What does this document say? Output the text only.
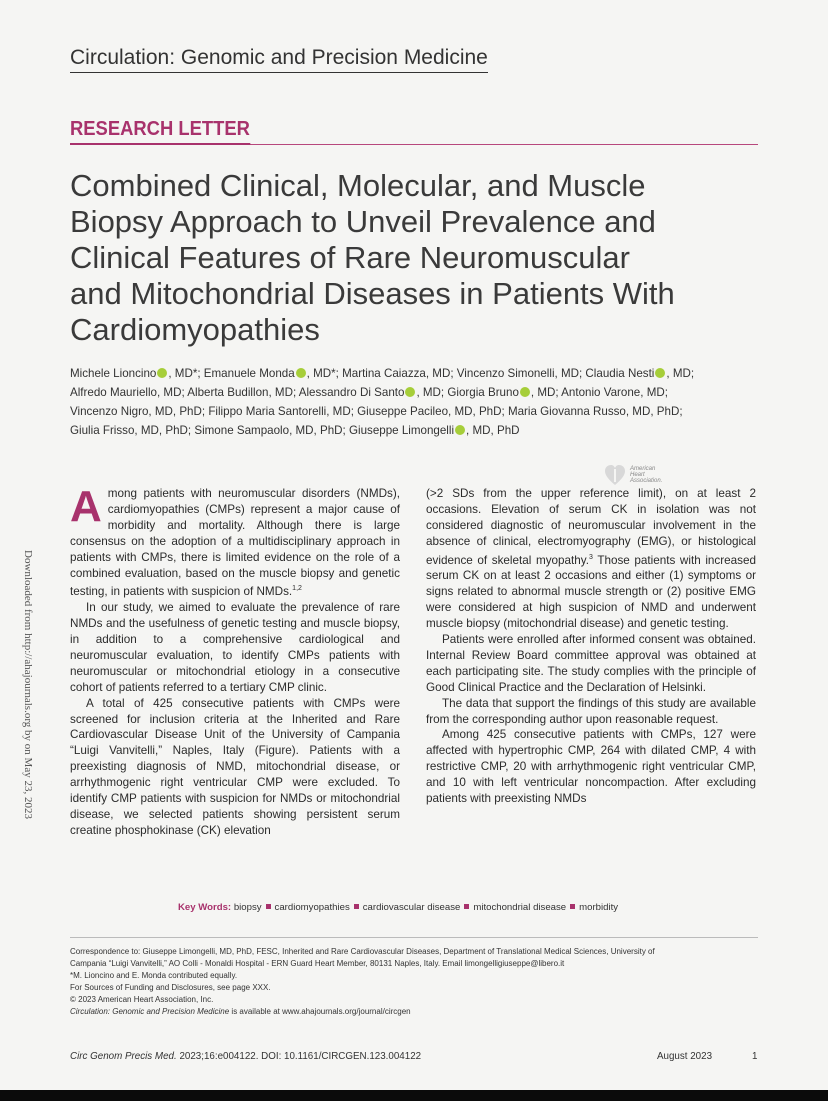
Circulation: Genomic and Precision Medicine
RESEARCH LETTER
Combined Clinical, Molecular, and Muscle
Biopsy Approach to Unveil Prevalence and
Clinical Features of Rare Neuromuscular
and Mitochondrial Diseases in Patients With
Cardiomyopathies
Michele Lioncino , MD*; Emanuele Monda , MD*; Martina Caiazza, MD; Vincenzo Simonelli, MD; Claudia Nesti , MD;
Alfredo Mauriello, MD; Alberta Budillon, MD; Alessandro Di Santo , MD; Giorgia Bruno , MD; Antonio Varone, MD;
Vincenzo Nigro, MD, PhD; Filippo Maria Santorelli, MD; Giuseppe Pacileo, MD, PhD; Maria Giovanna Russo, MD, PhD;
Giulia Frisso, MD, PhD; Simone Sampaolo, MD, PhD; Giuseppe Limongelli , MD, PhD
Downloaded from http://ahajournals.org by on May 23, 2023
American
Heart
Association.

Among patients with neuromuscular disorders (NMDs), cardiomyopathies (CMPs) represent a major cause of morbidity and mortality. Although there is large consensus on the adoption of a multidisciplinary approach in patients with CMPs, there is limited evidence on the role of a combined evaluation, based on the muscle biopsy and genetic testing, in patients with suspicion of NMDs.$^{1,2}$

In our study, we aimed to evaluate the prevalence of rare NMDs and the usefulness of genetic testing and muscle biopsy, in addition to a comprehensive cardiological and neuromuscular evaluation, to identify CMPs patients with neuromuscular or mitochondrial etiology in a consecutive cohort of patients referred to a tertiary CMP clinic.

A total of 425 consecutive patients with CMPs were screened for inclusion criteria at the Inherited and Rare Cardiovascular Disease Unit of the University of Campania “Luigi Vanvitelli,” Naples, Italy (Figure). Patients with a preexisting diagnosis of NMD, mitochondrial disease, or arrhythmogenic right ventricular CMP were excluded. To identify CMP patients with suspicion for NMDs or mitochondrial disease, we selected patients showing persistent serum creatine phosphokinase (CK) elevation

(>2 SDs from the upper reference limit), on at least 2 occasions. Elevation of serum CK in isolation was not considered diagnostic of neuromuscular involvement in the absence of clinical, electromyography (EMG), or histological evidence of skeletal myopathy.$^3$ Those patients with increased serum CK on at least 2 occasions and either (1) symptoms or signs related to abnormal muscle strength or (2) positive EMG were considered at high suspicion of NMD and underwent muscle biopsy (mitochondrial disease) and genetic testing.

Patients were enrolled after informed consent was obtained. Internal Review Board committee approval was obtained at each participating site. The study complies with the principle of Good Clinical Practice and the Declaration of Helsinki.

The data that support the findings of this study are available from the corresponding author upon reasonable request.

Among 425 consecutive patients with CMPs, 127 were affected with hypertrophic CMP, 264 with dilated CMP, 4 with restrictive CMP, 20 with arrhythmogenic right ventricular CMP, and 10 with left ventricular noncompaction. After excluding patients with preexisting NMDs

Key Words: biopsy cardiomyopathies cardiovascular disease mitochondrial disease morbidity
Correspondence to: Giuseppe Limongelli, MD, PhD, FESC, Inherited and Rare Cardiovascular Diseases, Department of Translational Medical Sciences, University of
Campania “Luigi Vanvitelli,” AO Colli - Monaldi Hospital - ERN Guard Heart Member, 80131 Naples, Italy. Email limongelligiuseppe@libero.it
*M. Lioncino and E. Monda contributed equally.
For Sources of Funding and Disclosures, see page XXX.
© 2023 American Heart Association, Inc.
Circulation: Genomic and Precision Medicine is available at www.ahajournals.org/journal/circgen
Circ Genom Precis Med. 2023;16:e004122. DOI: 10.1161/CIRCGEN.123.004122	August 2023	1
